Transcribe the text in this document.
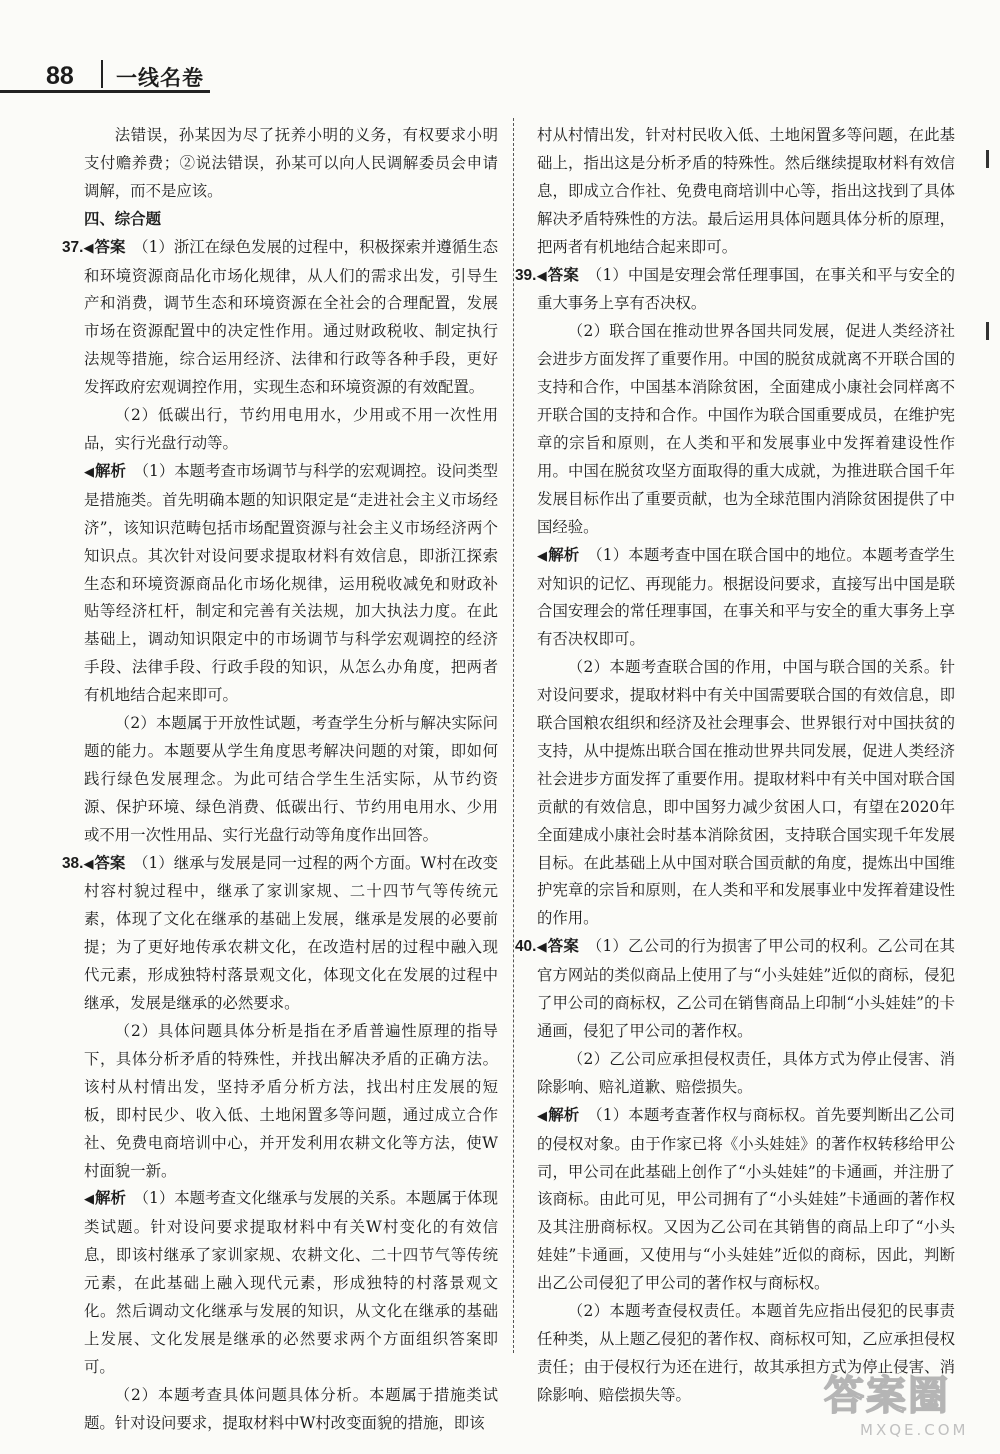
88 一线名卷

法错误，孙某因为尽了抚养小明的义务，有权要求小明支付赡养费；②说法错误，孙某可以向人民调解委员会申请调解，而不是应该。

四、综合题

37.◀答案　 （1）浙江在绿色发展的过程中，积极探索并遵循生态和环境资源商品化市场化规律，从人们的需求出发，引导生产和消费，调节生态和环境资源在全社会的合理配置，发展市场在资源配置中的决定性作用。通过财政税收、制定执行法规等措施，综合运用经济、法律和行政等各种手段，更好发挥政府宏观调控作用，实现生态和环境资源的有效配置。

（2）低碳出行，节约用电用水，少用或不用一次性用品，实行光盘行动等。

◀解析　 （1）本题考查市场调节与科学的宏观调控。设问类型是措施类。首先明确本题的知识限定是“走进社会主义市场经济”，该知识范畴包括市场配置资源与社会主义市场经济两个知识点。其次针对设问要求提取材料有效信息，即浙江探索生态和环境资源商品化市场化规律，运用税收减免和财政补贴等经济杠杆，制定和完善有关法规，加大执法力度。在此基础上，调动知识限定中的市场调节与科学宏观调控的经济手段、法律手段、行政手段的知识，从怎么办角度，把两者有机地结合起来即可。

（2）本题属于开放性试题，考查学生分析与解决实际问题的能力。本题要从学生角度思考解决问题的对策，即如何践行绿色发展理念。为此可结合学生生活实际，从节约资源、保护环境、绿色消费、低碳出行、节约用电用水、少用或不用一次性用品、实行光盘行动等角度作出回答。

38.◀答案　 （1）继承与发展是同一过程的两个方面。W村在改变村容村貌过程中，继承了家训家规、二十四节气等传统元素，体现了文化在继承的基础上发展，继承是发展的必要前提；为了更好地传承农耕文化，在改造村居的过程中融入现代元素，形成独特村落景观文化，体现文化在发展的过程中继承，发展是继承的必然要求。

（2）具体问题具体分析是指在矛盾普遍性原理的指导下，具体分析矛盾的特殊性，并找出解决矛盾的正确方法。该村从村情出发，坚持矛盾分析方法，找出村庄发展的短板，即村民少、收入低、土地闲置多等问题，通过成立合作社、免费电商培训中心，并开发利用农耕文化等方法，使W村面貌一新。

◀解析　 （1）本题考查文化继承与发展的关系。本题属于体现类试题。针对设问要求提取材料中有关W村变化的有效信息，即该村继承了家训家规、农耕文化、二十四节气等传统元素，在此基础上融入现代元素，形成独特的村落景观文化。然后调动文化继承与发展的知识，从文化在继承的基础上发展、文化发展是继承的必然要求两个方面组织答案即可。

（2）本题考查具体问题具体分析。本题属于措施类试题。针对设问要求，提取材料中W村改变面貌的措施，即该

村从村情出发，针对村民收入低、土地闲置多等问题，在此基础上，指出这是分析矛盾的特殊性。然后继续提取材料有效信息，即成立合作社、免费电商培训中心等，指出这找到了具体解决矛盾特殊性的方法。最后运用具体问题具体分析的原理，把两者有机地结合起来即可。

39.◀答案　 （1）中国是安理会常任理事国，在事关和平与安全的重大事务上享有否决权。

（2）联合国在推动世界各国共同发展，促进人类经济社会进步方面发挥了重要作用。中国的脱贫成就离不开联合国的支持和合作，中国基本消除贫困，全面建成小康社会同样离不开联合国的支持和合作。中国作为联合国重要成员，在维护宪章的宗旨和原则，在人类和平和发展事业中发挥着建设性作用。中国在脱贫攻坚方面取得的重大成就，为推进联合国千年发展目标作出了重要贡献，也为全球范围内消除贫困提供了中国经验。

◀解析　 （1）本题考查中国在联合国中的地位。本题考查学生对知识的记忆、再现能力。根据设问要求，直接写出中国是联合国安理会的常任理事国，在事关和平与安全的重大事务上享有否决权即可。

（2）本题考查联合国的作用，中国与联合国的关系。针对设问要求，提取材料中有关中国需要联合国的有效信息，即联合国粮农组织和经济及社会理事会、世界银行对中国扶贫的支持，从中提炼出联合国在推动世界共同发展，促进人类经济社会进步方面发挥了重要作用。提取材料中有关中国对联合国贡献的有效信息，即中国努力减少贫困人口，有望在2020年全面建成小康社会时基本消除贫困，支持联合国实现千年发展目标。在此基础上从中国对联合国贡献的角度，提炼出中国维护宪章的宗旨和原则，在人类和平和发展事业中发挥着建设性的作用。

40.◀答案　 （1）乙公司的行为损害了甲公司的权利。乙公司在其官方网站的类似商品上使用了与“小头娃娃”近似的商标，侵犯了甲公司的商标权，乙公司在销售商品上印制“小头娃娃”的卡通画，侵犯了甲公司的著作权。

（2）乙公司应承担侵权责任，具体方式为停止侵害、消除影响、赔礼道歉、赔偿损失。

◀解析　 （1）本题考查著作权与商标权。首先要判断出乙公司的侵权对象。由于作家已将《小头娃娃》的著作权转移给甲公司，甲公司在此基础上创作了“小头娃娃”的卡通画，并注册了该商标。由此可见，甲公司拥有了“小头娃娃”卡通画的著作权及其注册商标权。又因为乙公司在其销售的商品上印了“小头娃娃”卡通画，又使用与“小头娃娃”近似的商标，因此，判断出乙公司侵犯了甲公司的著作权与商标权。

（2）本题考查侵权责任。本题首先应指出侵犯的民事责任种类，从上题乙侵犯的著作权、商标权可知，乙应承担侵权责任；由于侵权行为还在进行，故其承担方式为停止侵害、消除影响、赔偿损失等。	答案圈
MXQE.COM
